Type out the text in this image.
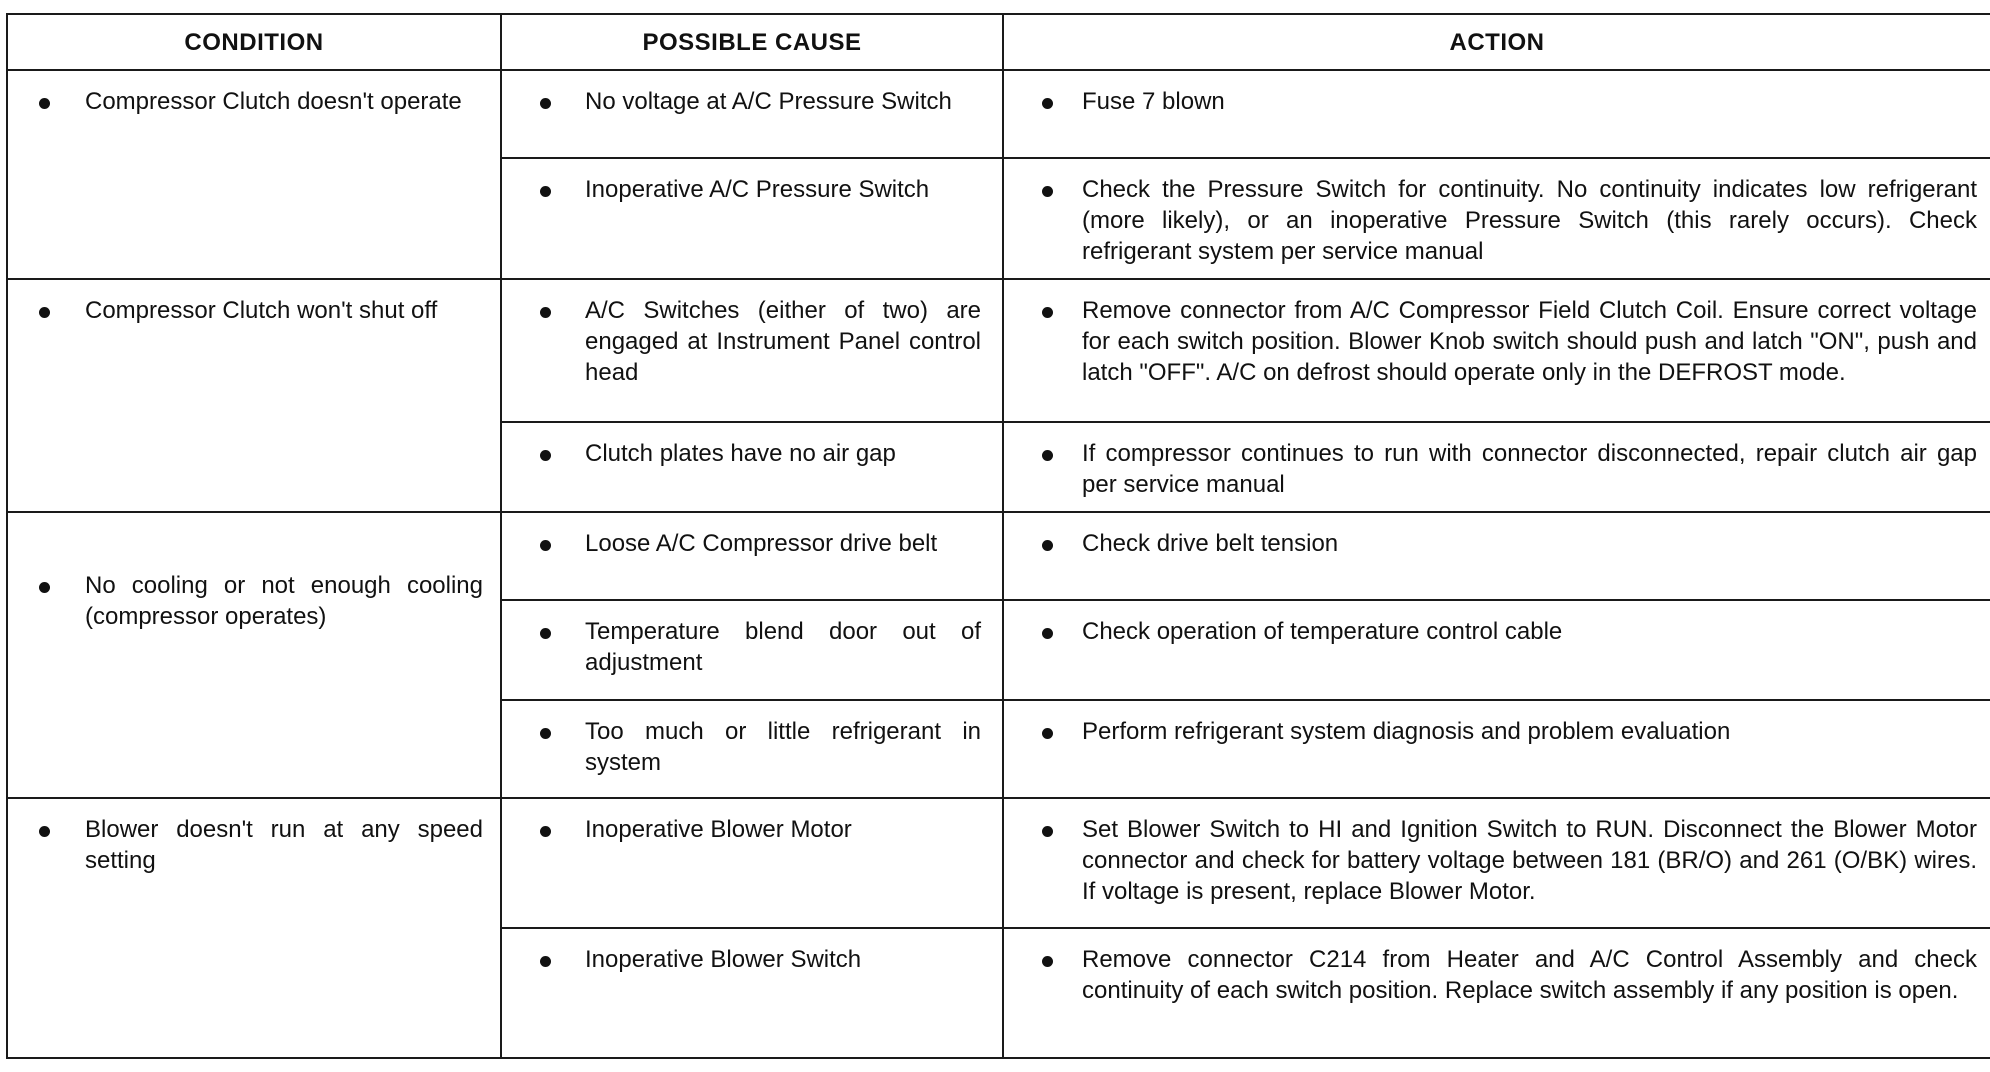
CONDITION	POSSIBLE CAUSE	ACTION

Compressor Clutch doesn't operate	No voltage at A/C Pressure Switch	Fuse 7 blown

Inoperative A/C Pressure Switch	Check the Pressure Switch for continuity. No continuity indicates low refrigerant (more likely), or an inoperative Pressure Switch (this rarely occurs). Check refrigerant system per service manual

Compressor Clutch won't shut off	A/C Switches (either of two) are engaged at Instrument Panel control head	Remove connector from A/C Compressor Field Clutch Coil. Ensure correct voltage for each switch position. Blower Knob switch should push and latch "ON", push and latch "OFF". A/C on defrost should operate only in the DEFROST mode.

Clutch plates have no air gap	If compressor continues to run with connector disconnected, repair clutch air gap per service manual

No cooling or not enough cooling (compressor operates)	Loose A/C Compressor drive belt	Check drive belt tension

Temperature blend door out of adjustment	Check operation of temperature control cable

Too much or little refrigerant in system	Perform refrigerant system diagnosis and problem evaluation

Blower doesn't run at any speed setting	Inoperative Blower Motor	Set Blower Switch to HI and Ignition Switch to RUN. Disconnect the Blower Motor connector and check for battery voltage between 181 (BR/O) and 261 (O/BK) wires. If voltage is present, replace Blower Motor.

Inoperative Blower Switch	Remove connector C214 from Heater and A/C Control Assembly and check continuity of each switch position. Replace switch assembly if any position is open.
